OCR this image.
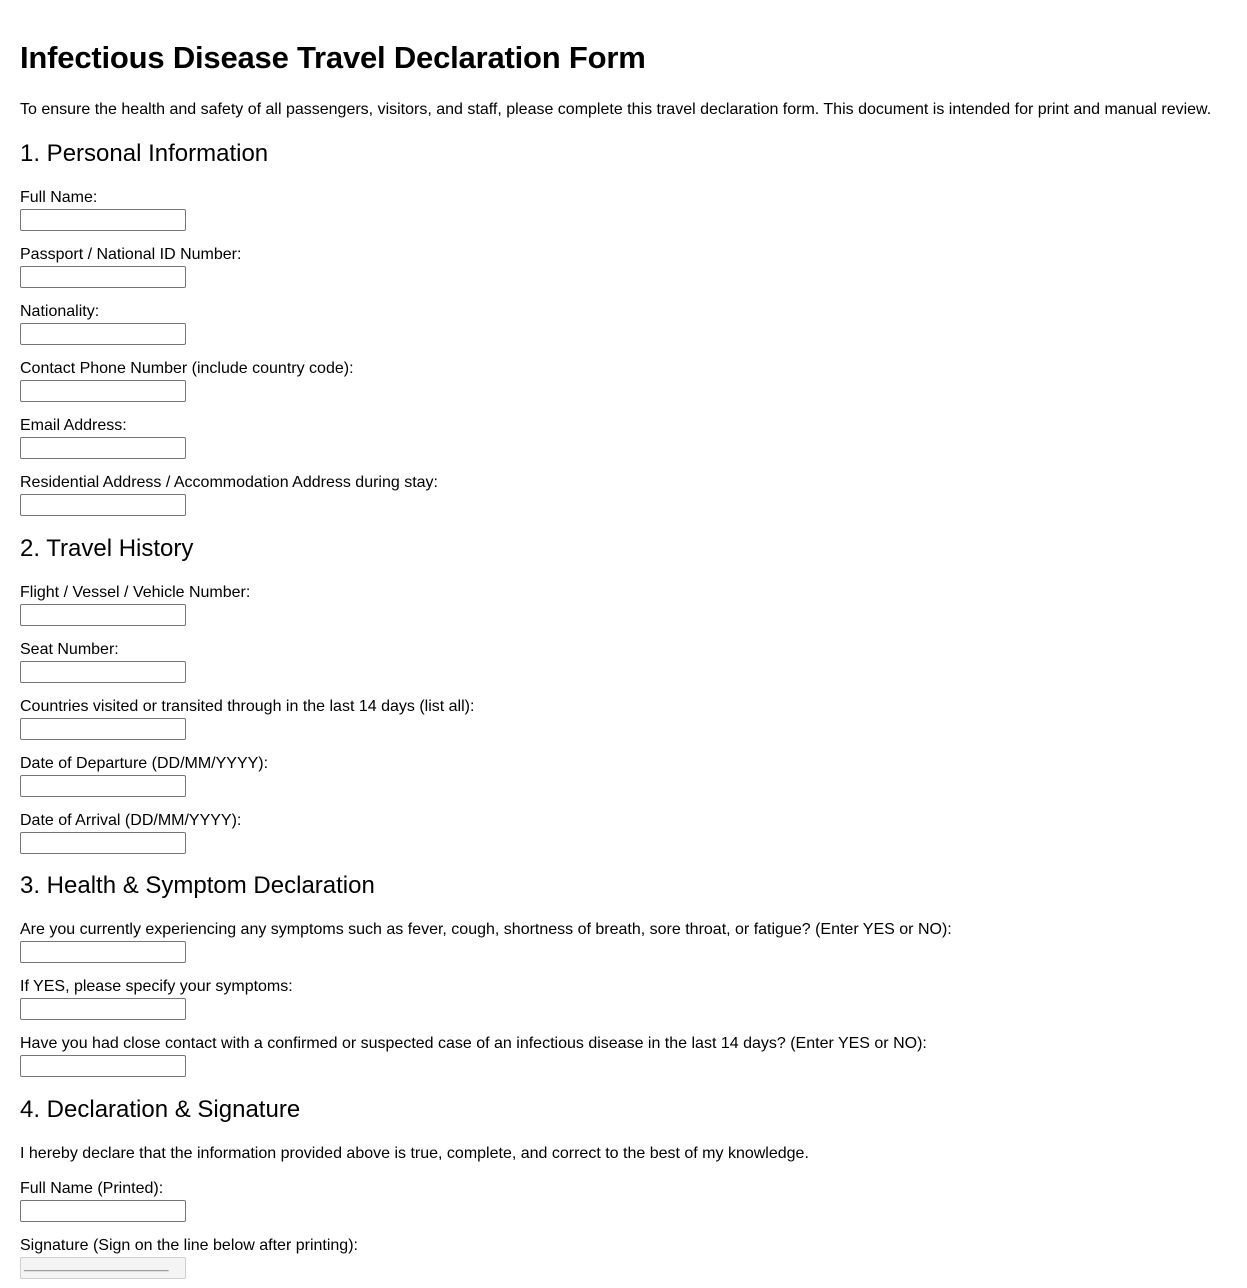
Infectious Disease Travel Declaration Form

To ensure the health and safety of all passengers, visitors, and staff, please complete this travel declaration form. This document is intended for print and manual review.

1. Personal Information
Full Name:
Passport / National ID Number:
Nationality:
Contact Phone Number (include country code):
Email Address:
Residential Address / Accommodation Address during stay:
2. Travel History
Flight / Vessel / Vehicle Number:
Seat Number:
Countries visited or transited through in the last 14 days (list all):
Date of Departure (DD/MM/YYYY):
Date of Arrival (DD/MM/YYYY):
3. Health & Symptom Declaration
Are you currently experiencing any symptoms such as fever, cough, shortness of breath, sore throat, or fatigue? (Enter YES or NO):
If YES, please specify your symptoms:
Have you had close contact with a confirmed or suspected case of an infectious disease in the last 14 days? (Enter YES or NO):
4. Declaration & Signature

I hereby declare that the information provided above is true, complete, and correct to the best of my knowledge.

Full Name (Printed):
Signature (Sign on the line below after printing):
__________________________
